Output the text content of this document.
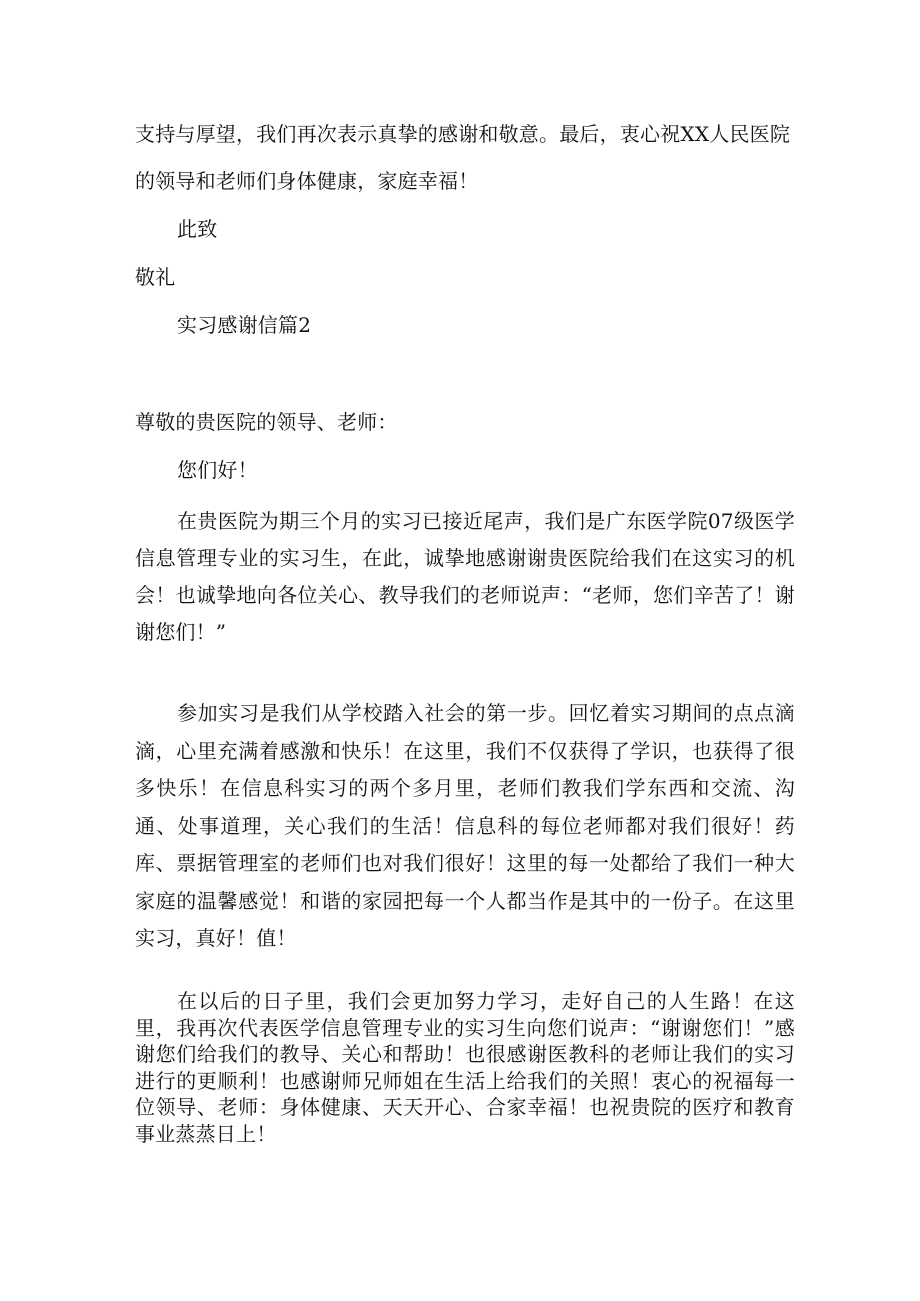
支持与厚望，我们再次表示真挚的感谢和敬意。最后，衷心祝XX人民医院
的领导和老师们身体健康，家庭幸福！
此致
敬礼
实习感谢信篇2
尊敬的贵医院的领导、老师：
您们好！
在贵医院为期三个月的实习已接近尾声，我们是广东医学院07级医学信息管理专业的实习生，在此，诚挚地感谢谢贵医院给我们在这实习的机会！也诚挚地向各位关心、教导我们的老师说声：“老师，您们辛苦了！谢谢您们！”
参加实习是我们从学校踏入社会的第一步。回忆着实习期间的点点滴滴，心里充满着感激和快乐！在这里，我们不仅获得了学识，也获得了很多快乐！在信息科实习的两个多月里，老师们教我们学东西和交流、沟通、处事道理，关心我们的生活！信息科的每位老师都对我们很好！药库、票据管理室的老师们也对我们很好！这里的每一处都给了我们一种大家庭的温馨感觉！和谐的家园把每一个人都当作是其中的一份子。在这里实习，真好！值！
在以后的日子里，我们会更加努力学习，走好自己的人生路！在这里，我再次代表医学信息管理专业的实习生向您们说声：“谢谢您们！”感谢您们给我们的教导、关心和帮助！也很感谢医教科的老师让我们的实习进行的更顺利！也感谢师兄师姐在生活上给我们的关照！衷心的祝福每一位领导、老师：身体健康、天天开心、合家幸福！也祝贵院的医疗和教育事业蒸蒸日上！
